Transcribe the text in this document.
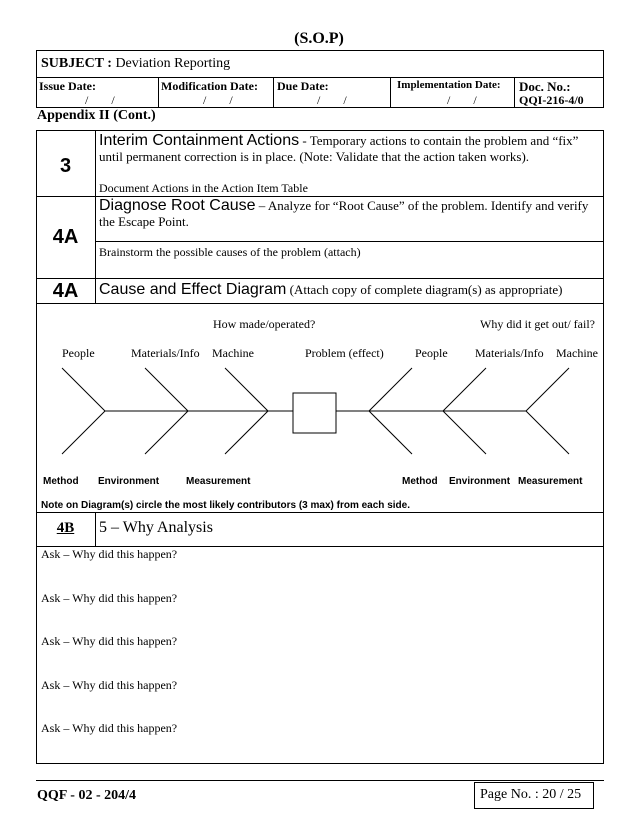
(S.O.P)
SUBJECT : Deviation Reporting
Issue Date:
/ /
Modification Date:
/ /
Due Date:
/ /
Implementation Date:
/ /
Doc. No.:
QQI-216-4/0
Appendix II (Cont.)
3
Interim Containment Actions - Temporary actions to contain the problem and “fix” until permanent correction is in place. (Note: Validate that the action taken works).
Document Actions in the Action Item Table
4A
Diagnose Root Cause – Analyze for “Root Cause” of the problem. Identify and verify the Escape Point.
Brainstorm the possible causes of the problem (attach)
4A	Cause and Effect Diagram (Attach copy of complete diagram(s) as appropriate)
How made/operated?	Why did it get out/ fail?
People	Materials/Info Machine	Problem (effect)	People Materials/Info Machine
Method Environment	Measurement	Method Environment Measurement
Note on Diagram(s) circle the most likely contributors (3 max) from each side.
4B	5 – Why Analysis
Ask – Why did this happen?
Ask – Why did this happen?
Ask – Why did this happen?
Ask – Why did this happen?
Ask – Why did this happen?
QQF - 02 - 204/4	Page No. : 20 / 25
